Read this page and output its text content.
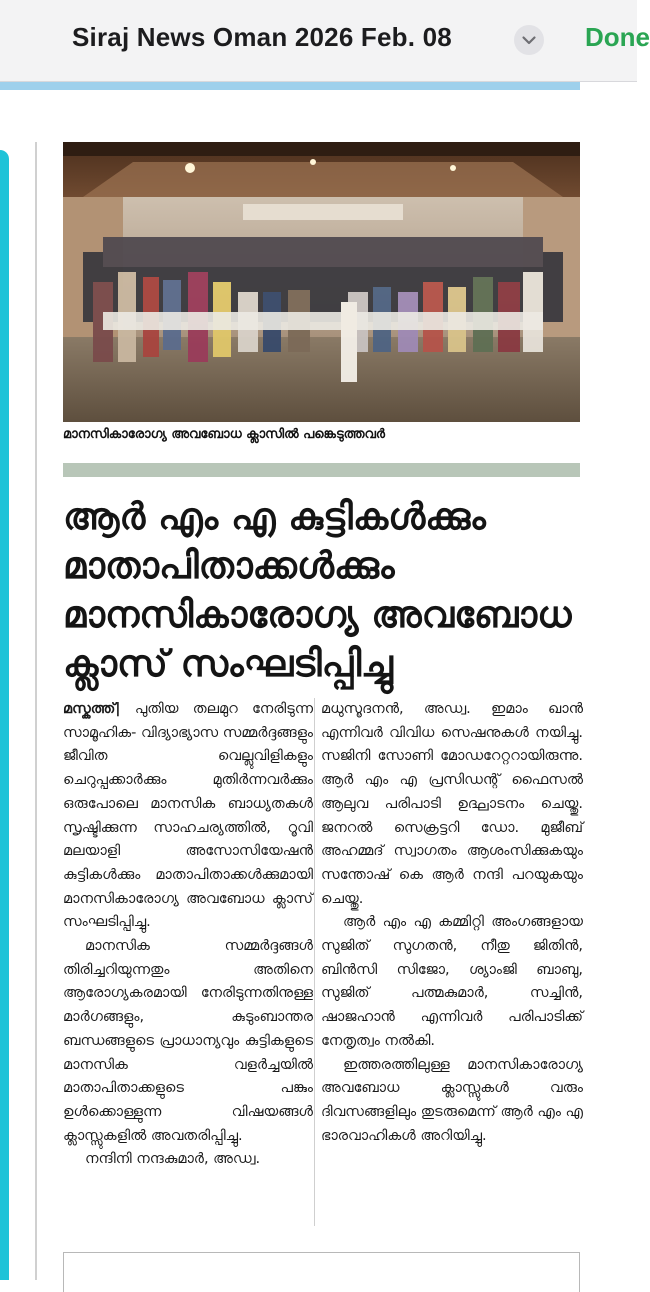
Siraj News Oman 2026 Feb. 08	Done
മാനസികാരോഗ്യ അവബോധ ക്ലാസിൽ പങ്കെടുത്തവർ
ആർ എം എ കുട്ടികൾക്കും
മാതാപിതാക്കൾക്കും
മാനസികാരോഗ്യ അവബോധ
ക്ലാസ് സംഘടിപ്പിച്ചു

മസ്കത്ത്| പുതിയ തലമുറ നേരിടുന്ന സാമൂഹിക- വിദ്യാഭ്യാസ സമ്മർദ്ദങ്ങളും ജീവിത വെല്ലുവിളികളും ചെറുപ്പക്കാർക്കും മുതിർന്നവർക്കും ഒരുപോലെ മാനസിക ബാധ്യതകൾ സൃഷ്ടിക്കുന്ന സാഹചര്യത്തിൽ, റൂവി മലയാളി അസോസിയേഷൻ കുട്ടികൾക്കും മാതാപിതാക്കൾക്കുമായി മാനസികാരോഗ്യ അവബോധ ക്ലാസ് സംഘടിപ്പിച്ചു.

മാനസിക സമ്മർദ്ദങ്ങൾ തിരിച്ചറിയുന്നതും അതിനെ ആരോഗ്യകരമായി നേരിടുന്നതിനുള്ള മാർഗങ്ങളും, കുടുംബാന്തര ബന്ധങ്ങളുടെ പ്രാധാന്യവും കുട്ടികളുടെ മാനസിക വളർച്ചയിൽ മാതാപിതാക്കളുടെ പങ്കും ഉൾക്കൊള്ളുന്ന വിഷയങ്ങൾ ക്ലാസ്സുകളിൽ അവതരിപ്പിച്ചു.

നന്ദിനി നന്ദകുമാർ, അഡ്വ.

മധുസൂദനൻ, അഡ്വ. ഇമാം ഖാൻ എന്നിവർ വിവിധ സെഷനുകൾ നയിച്ചു. സജിനി സോണി മോഡറേറ്ററായിരുന്നു. ആർ എം എ പ്രസിഡന്റ് ഫൈസൽ ആലുവ പരിപാടി ഉദ്ഘാടനം ചെയ്തു. ജനറൽ സെക്രട്ടറി ഡോ. മുജീബ് അഹമ്മദ് സ്വാഗതം ആശംസിക്കുകയും സന്തോഷ് കെ ആർ നന്ദി പറയുകയും ചെയ്തു.

ആർ എം എ കമ്മിറ്റി അംഗങ്ങളായ സുജിത് സുഗതൻ, നീതു ജിതിൻ, ബിൻസി സിജോ, ശ്യാംജി ബാബു, സുജിത് പത്മകുമാർ, സച്ചിൻ, ഷാജഹാൻ എന്നിവർ പരിപാടിക്ക് നേതൃത്വം നൽകി.

ഇത്തരത്തിലുള്ള മാനസികാരോഗ്യ അവബോധ ക്ലാസ്സുകൾ വരും ദിവസങ്ങളിലും തുടരുമെന്ന് ആർ എം എ ഭാരവാഹികൾ അറിയിച്ചു.
